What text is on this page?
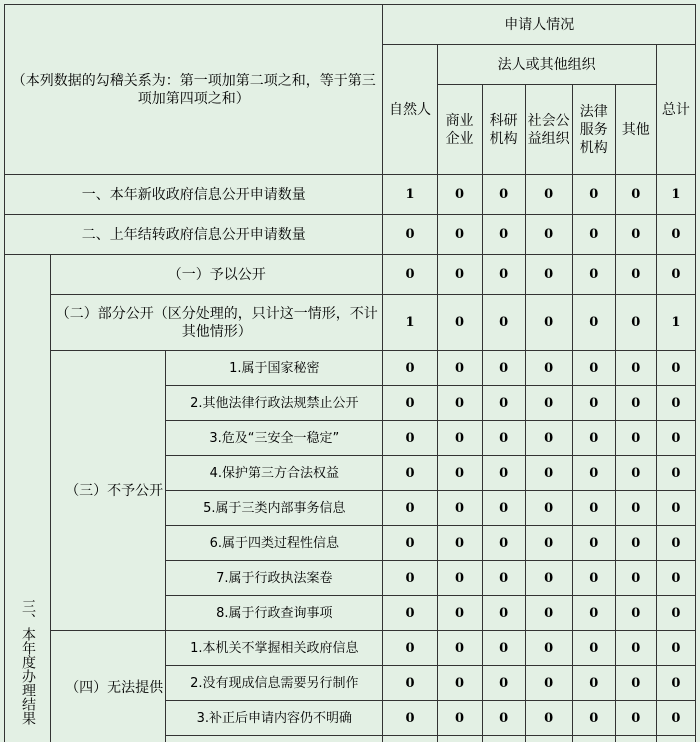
（本列数据的勾稽关系为：第一项加第二项之和，等于第三项加第四项之和）			申请人情况						
			自然人	法人或其他组织					总计
				商业企业	科研机构	社会公益组织	法律服务机构	其他	
一、本年新收政府信息公开申请数量			1	0	0	0	0	0	1
二、上年结转政府信息公开申请数量			0	0	0	0	0	0	0

三、本年度办理结果	（一）予以公开		0	0	0	0	0	0	0
	（二）部分公开（区分处理的，只计这一情形，不计其他情形）		1	0	0	0	0	0	1
	（三）不予公开	1.属于国家秘密	0	0	0	0	0	0	0
		2.其他法律行政法规禁止公开	0	0	0	0	0	0	0
		3.危及“三安全一稳定”	0	0	0	0	0	0	0
		4.保护第三方合法权益	0	0	0	0	0	0	0
		5.属于三类内部事务信息	0	0	0	0	0	0	0
		6.属于四类过程性信息	0	0	0	0	0	0	0
		7.属于行政执法案卷	0	0	0	0	0	0	0
		8.属于行政查询事项	0	0	0	0	0	0	0
	（四）无法提供	1.本机关不掌握相关政府信息	0	0	0	0	0	0	0
		2.没有现成信息需要另行制作	0	0	0	0	0	0	0
		3.补正后申请内容仍不明确	0	0	0	0	0	0	0
